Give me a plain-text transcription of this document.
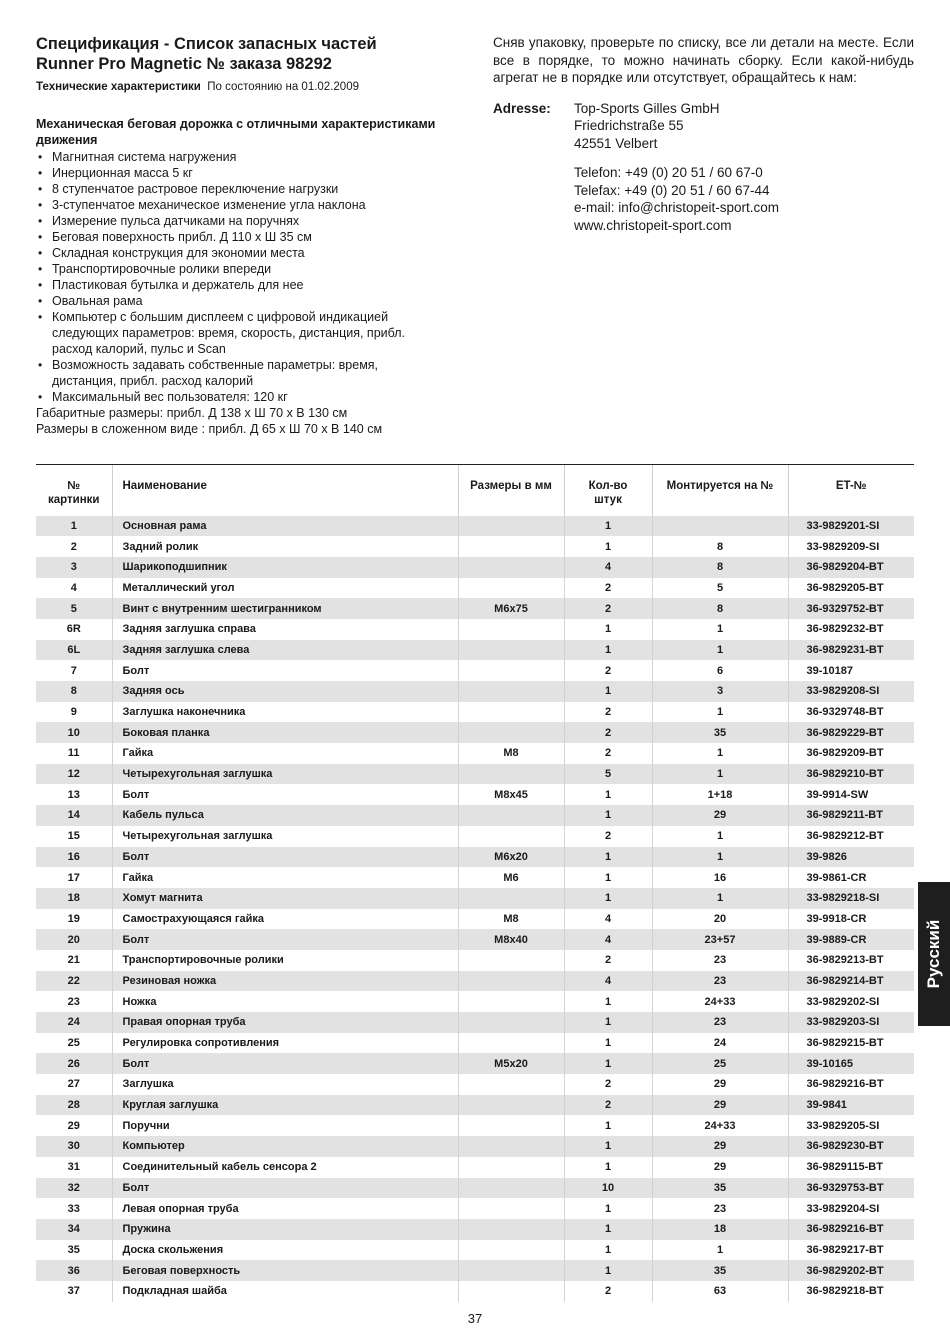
Спецификация - Список запасных частей
Runner Pro Magnetic № заказа 98292
Технические характеристики По состоянию на 01.02.2009
Механическая беговая дорожка с отличными характеристиками движения
• Магнитная система нагружения
• Инерционная масса 5 кг
• 8 ступенчатое растровое переключение нагрузки
• 3-ступенчатое механическое изменение угла наклона
• Измерение пульса датчиками на поручнях
• Беговая поверхность прибл. Д 110 х Ш 35 см
• Складная конструкция для экономии места
• Транспортировочные ролики впереди
• Пластиковая бутылка и держатель для нее
• Овальная рама
• Компьютер с большим дисплеем с цифровой индикацией следующих параметров: время, скорость, дистанция, прибл. расход калорий, пульс и Scan
• Возможность задавать собственные параметры: время, дистанция, прибл. расход калорий
• Максимальный вес пользователя: 120 кг
Габаритные размеры: прибл. Д 138 х Ш 70 х В 130 см
Размеры в сложенном виде : прибл. Д 65 х Ш 70 х В 140 см

Сняв упаковку, проверьте по списку, все ли детали на месте. Если все в порядке, то можно начинать сборку. Если какой-нибудь агрегат не в порядке или отсутствует, обращайтесь к нам:

Adresse:	Top-Sports Gilles GmbH
Friedrichstraße 55
42551 Velbert
Telefon: +49 (0) 20 51 / 60 67-0
Telefax: +49 (0) 20 51 / 60 67-44
e-mail: info@christopeit-sport.com
www.christopeit-sport.com
№
картинки	Наименование	Размеры в мм	Кол-во
штук	Монтируется на №	ET-№
1	Основная рама		1		33-9829201-SI
2	Задний ролик		1	8	33-9829209-SI
3	Шарикоподшипник		4	8	36-9829204-BT
4	Металлический угол		2	5	36-9829205-BT
5	Винт с внутренним шестигранником	M6x75	2	8	36-9329752-BT
6R	Задняя заглушка справа		1	1	36-9829232-BT
6L	Задняя заглушка слева		1	1	36-9829231-BT
7	Болт		2	6	39-10187
8	Задняя ось		1	3	33-9829208-SI
9	Заглушка наконечника		2	1	36-9329748-BT
10	Боковая планка		2	35	36-9829229-BT
11	Гайка	M8	2	1	36-9829209-BT
12	Четырехугольная заглушка		5	1	36-9829210-BT
13	Болт	M8x45	1	1+18	39-9914-SW
14	Кабель пульса		1	29	36-9829211-BT
15	Четырехугольная заглушка		2	1	36-9829212-BT
16	Болт	M6x20	1	1	39-9826
17	Гайка	M6	1	16	39-9861-CR
18	Хомут магнита		1	1	33-9829218-SI
19	Самострахующаяся гайка	M8	4	20	39-9918-CR
20	Болт	M8x40	4	23+57	39-9889-CR
21	Транспортировочные ролики		2	23	36-9829213-BT
22	Резиновая ножка		4	23	36-9829214-BT
23	Ножка		1	24+33	33-9829202-SI
24	Правая опорная труба		1	23	33-9829203-SI
25	Регулировка сопротивления		1	24	36-9829215-BT
26	Болт	M5x20	1	25	39-10165
27	Заглушка		2	29	36-9829216-BT
28	Круглая заглушка		2	29	39-9841
29	Поручни		1	24+33	33-9829205-SI
30	Компьютер		1	29	36-9829230-BT
31	Соединительный кабель сенсора 2		1	29	36-9829115-BT
32	Болт		10	35	36-9329753-BT
33	Левая опорная труба		1	23	33-9829204-SI
34	Пружина		1	18	36-9829216-BT
35	Доска скольжения		1	1	36-9829217-BT
36	Беговая поверхность		1	35	36-9829202-BT
37	Подкладная шайба		2	63	36-9829218-BT
Русский
37
